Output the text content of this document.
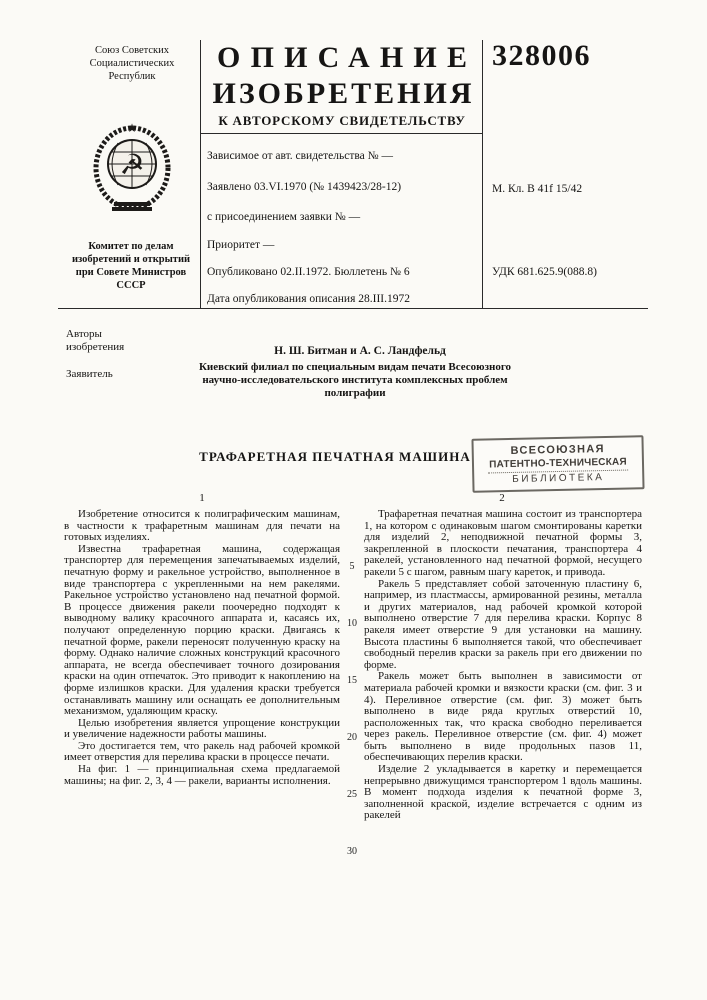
Союз Советских
Социалистических
Республик
☭
★
Комитет по делам
изобретений и открытий
при Совете Министров
СССР
ОПИСАНИЕ
ИЗОБРЕТЕНИЯ
К АВТОРСКОМУ СВИДЕТЕЛЬСТВУ
328006
Зависимое от авт. свидетельства № —
Заявлено 03.VI.1970 (№ 1439423/28-12)	М. Кл. В 41f 15/42
с присоединением заявки № —
Приоритет —
Опубликовано 02.II.1972. Бюллетень № 6	УДК 681.625.9(088.8)
Дата опубликования описания 28.III.1972
Авторы
изобретения	Н. Ш. Битман и А. С. Ландфельд
Заявитель
Киевский филиал по специальным видам печати Всесоюзного
научно-исследовательского института комплексных проблем
полиграфии
ТРАФАРЕТНАЯ ПЕЧАТНАЯ МАШИНА	ВСЕСОЮЗНАЯ
ПАТЕНТНО-ТЕХНИЧЕСКАЯ
БИБЛИОТЕКА
1	2

Изобретение относится к полиграфическим машинам, в частности к трафаретным машинам для печати на готовых изделиях.

Известна трафаретная машина, содержащая транспортер для перемещения запечатываемых изделий, печатную форму и ракельное устройство, выполненное в виде транспортера с укрепленными на нем ракелями. Ракельное устройство установлено над печатной формой. В процессе движения ракели поочередно подходят к выводному валику красочного аппарата и, касаясь их, получают определенную порцию краски. Двигаясь к печатной форме, ракели переносят полученную краску на форму. Однако наличие сложных конструкций красочного аппарата, не всегда обеспечивает точного дозирования краски на один отпечаток. Это приводит к накоплению на форме излишков краски. Для удаления краски требуется останавливать машину или оснащать ее дополнительным механизмом, удаляющим краску.

Целью изобретения является упрощение конструкции и увеличение надежности работы машины.

Это достигается тем, что ракель над рабочей кромкой имеет отверстия для перелива краски в процессе печати.

На фиг. 1 — принципиальная схема предлагаемой машины; на фиг. 2, 3, 4 — ракели, варианты исполнения.

5
10
15
20
25
30

Трафаретная печатная машина состоит из транспортера 1, на котором с одинаковым шагом смонтированы каретки для изделий 2, неподвижной печатной формы 3, закрепленной в плоскости печатания, транспортера 4 ракелей, установленного над печатной формой, несущего ракели 5 с шагом, равным шагу кареток, и привода.

Ракель 5 представляет собой заточенную пластину 6, например, из пластмассы, армированной резины, металла и других материалов, над рабочей кромкой которой выполнено отверстие 7 для перелива краски. Корпус 8 ракеля имеет отверстие 9 для установки на машину. Высота пластины 6 выполняется такой, что обеспечивает свободный перелив краски за ракель при его движении по форме.

Ракель может быть выполнен в зависимости от материала рабочей кромки и вязкости краски (см. фиг. 3 и 4). Переливное отверстие (см. фиг. 3) может быть выполнено в виде ряда круглых отверстий 10, расположенных так, что краска свободно переливается через ракель. Переливное отверстие (см. фиг. 4) может быть выполнено в виде продольных пазов 11, обеспечивающих перелив краски.

Изделие 2 укладывается в каретку и перемещается непрерывно движущимся транспортером 1 вдоль машины. В момент подхода изделия к печатной форме 3, заполненной краской, изделие встречается с одним из ракелей
